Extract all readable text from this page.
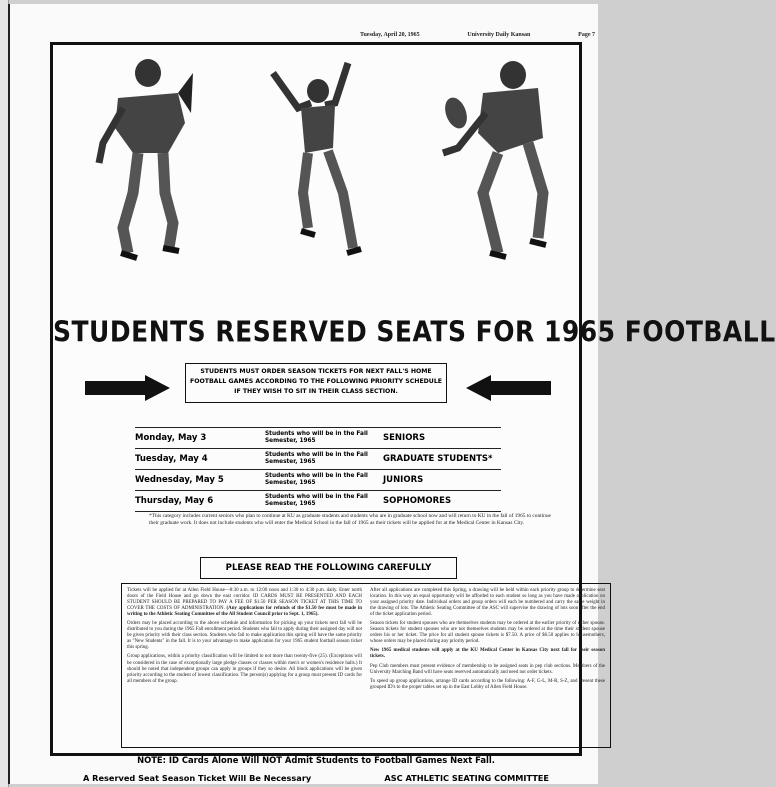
Tuesday, April 20, 1965	University Daily Kansan	Page 7
STUDENTS RESERVED SEATS FOR 1965 FOOTBALL
STUDENTS MUST ORDER SEASON TICKETS FOR NEXT FALL'S HOME FOOTBALL GAMES ACCORDING TO THE FOLLOWING PRIORITY SCHEDULE IF THEY WISH TO SIT IN THEIR CLASS SECTION.
Monday, May 3	Students who will be in the Fall Semester, 1965	SENIORS
Tuesday, May 4	Students who will be in the Fall Semester, 1965	GRADUATE STUDENTS*
Wednesday, May 5	Students who will be in the Fall Semester, 1965	JUNIORS
Thursday, May 6	Students who will be in the Fall Semester, 1965	SOPHOMORES
*This category includes current seniors who plan to continue at KU as graduate students and students who are in graduate school now and will return to KU in the fall of 1965 to continue their graduate work. It does not include students who will enter the Medical School in the fall of 1965 as their tickets will be applied for at the Medical Center in Kansas City.
PLEASE READ THE FOLLOWING CAREFULLY

Tickets will be applied for at Allen Field House—8:30 a.m. to 12:00 noon and 1:30 to 4:30 p.m. daily. Enter north doors of the Field House and go down the east corridor. ID CARDS MUST BE PRESENTED AND EACH STUDENT SHOULD BE PREPARED TO PAY A FEE OF $1.50 PER SEASON TICKET AT THIS TIME TO COVER THE COSTS OF ADMINISTRATION. (Any applications for refunds of the $1.50 fee must be made in writing to the Athletic Seating Committee of the All Student Council prior to Sept. 1, 1965).

Orders may be placed according to the above schedule and information for picking up your tickets next fall will be distributed to you during the 1965 Fall enrollment period. Students who fail to apply during their assigned day will not be given priority with their class section. Students who fail to make application this spring will have the same priority as "New Students" in the fall. It is to your advantage to make application for your 1965 student football season ticket this spring.

Group applications, within a priority classification will be limited to not more than twenty-five (25). (Exceptions will be considered in the case of exceptionally large pledge classes or classes within men's or women's residence halls.) It should be noted that independent groups can apply in groups if they so desire. All block applications will be given priority according to the student of lowest classification. The person(s) applying for a group must present ID cards for all members of the group.

After all applications are completed this Spring, a drawing will be held within each priority group to determine seat location. In this way an equal opportunity will be afforded to each student so long as you have made application on your assigned priority date. Individual orders and group orders will each be numbered and carry the same weight in the drawing of lots. The Athletic Seating Committee of the ASC will supervise the drawing of lots soon after the end of the ticket application period.

Season tickets for student spouses who are themselves students may be ordered at the earlier priority of either spouse. Season tickets for student spouses who are not themselves students may be ordered at the time their student spouse orders his or her ticket. The price for all student spouse tickets is $7.50. A price of $6.50 applies to housemothers, whose orders may be placed during any priority period.

New 1965 medical students will apply at the KU Medical Center in Kansas City next fall for their season tickets.

Pep Club members must present evidence of membership to be assigned seats in pep club sections. Members of the University Marching Band will have seats reserved automatically and need not order tickets.

To speed up group applications, arrange ID cards according to the following: A-F, G-L, M-R, S-Z, and present these grouped ID's to the proper tables set up in the East Lobby of Allen Field House.

NOTE: ID Cards Alone Will NOT Admit Students to Football Games Next Fall.
A Reserved Seat Season Ticket Will Be Necessary	ASC ATHLETIC SEATING COMMITTEE
